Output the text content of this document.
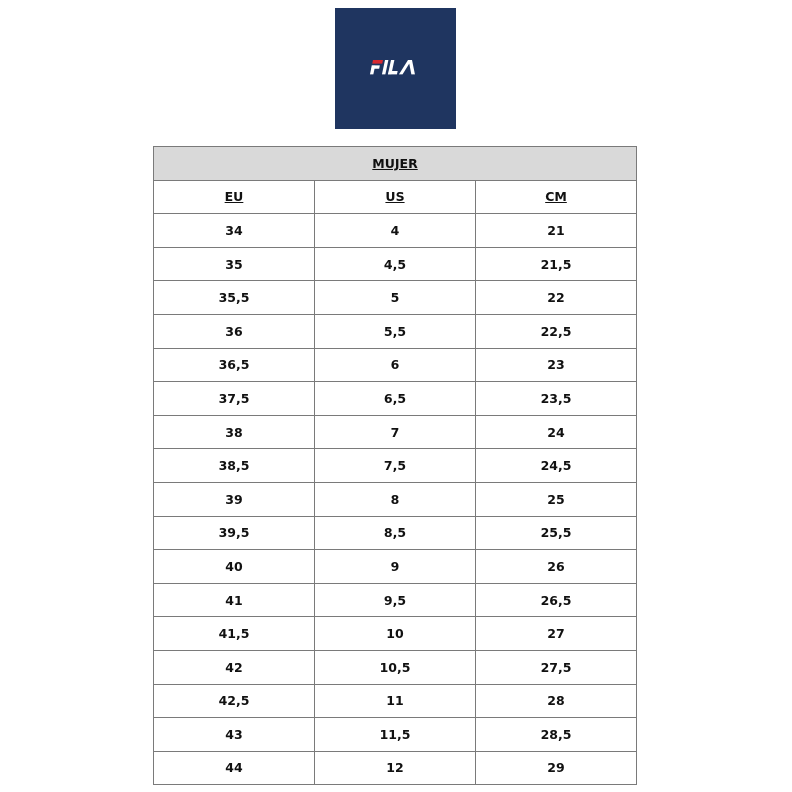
MUJER		
EU	US	CM
34	4	21
35	4,5	21,5
35,5	5	22
36	5,5	22,5
36,5	6	23
37,5	6,5	23,5
38	7	24
38,5	7,5	24,5
39	8	25
39,5	8,5	25,5
40	9	26
41	9,5	26,5
41,5	10	27
42	10,5	27,5
42,5	11	28
43	11,5	28,5
44	12	29
